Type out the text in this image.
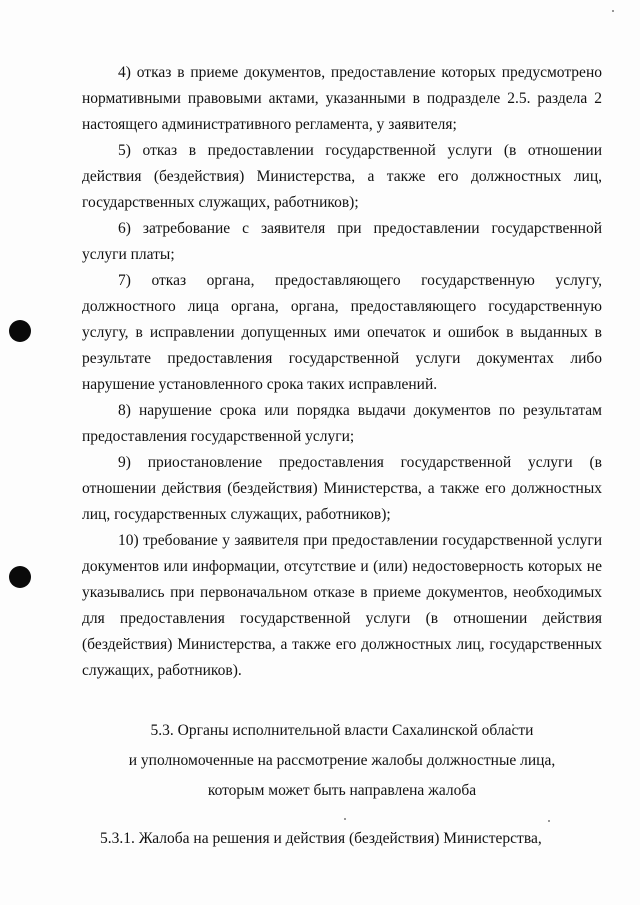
4) отказ в приеме документов, предоставление которых предусмотрено нормативными правовыми актами, указанными в подразделе 2.5. раздела 2 настоящего административного регламента, у заявителя;

5) отказ в предоставлении государственной услуги (в отношении действия (бездействия) Министерства, а также его должностных лиц, государственных служащих, работников);

6) затребование с заявителя при предоставлении государственной услуги платы;

7) отказ органа, предоставляющего государственную услугу, должностного лица органа, органа, предоставляющего государственную услугу, в исправлении допущенных ими опечаток и ошибок в выданных в результате предоставления государственной услуги документах либо нарушение установленного срока таких исправлений.

8) нарушение срока или порядка выдачи документов по результатам предоставления государственной услуги;

9) приостановление предоставления государственной услуги (в отношении действия (бездействия) Министерства, а также его должностных лиц, государственных служащих, работников);

10) требование у заявителя при предоставлении государственной услуги документов или информации, отсутствие и (или) недостоверность которых не указывались при первоначальном отказе в приеме документов, необходимых для предоставления государственной услуги (в отношении действия (бездействия) Министерства, а также его должностных лиц, государственных служащих, работников).

5.3. Органы исполнительной власти Сахалинской области
и уполномоченные на рассмотрение жалобы должностные лица,
которым может быть направлена жалоба

5.3.1. Жалоба на решения и действия (бездействия) Министерства,
